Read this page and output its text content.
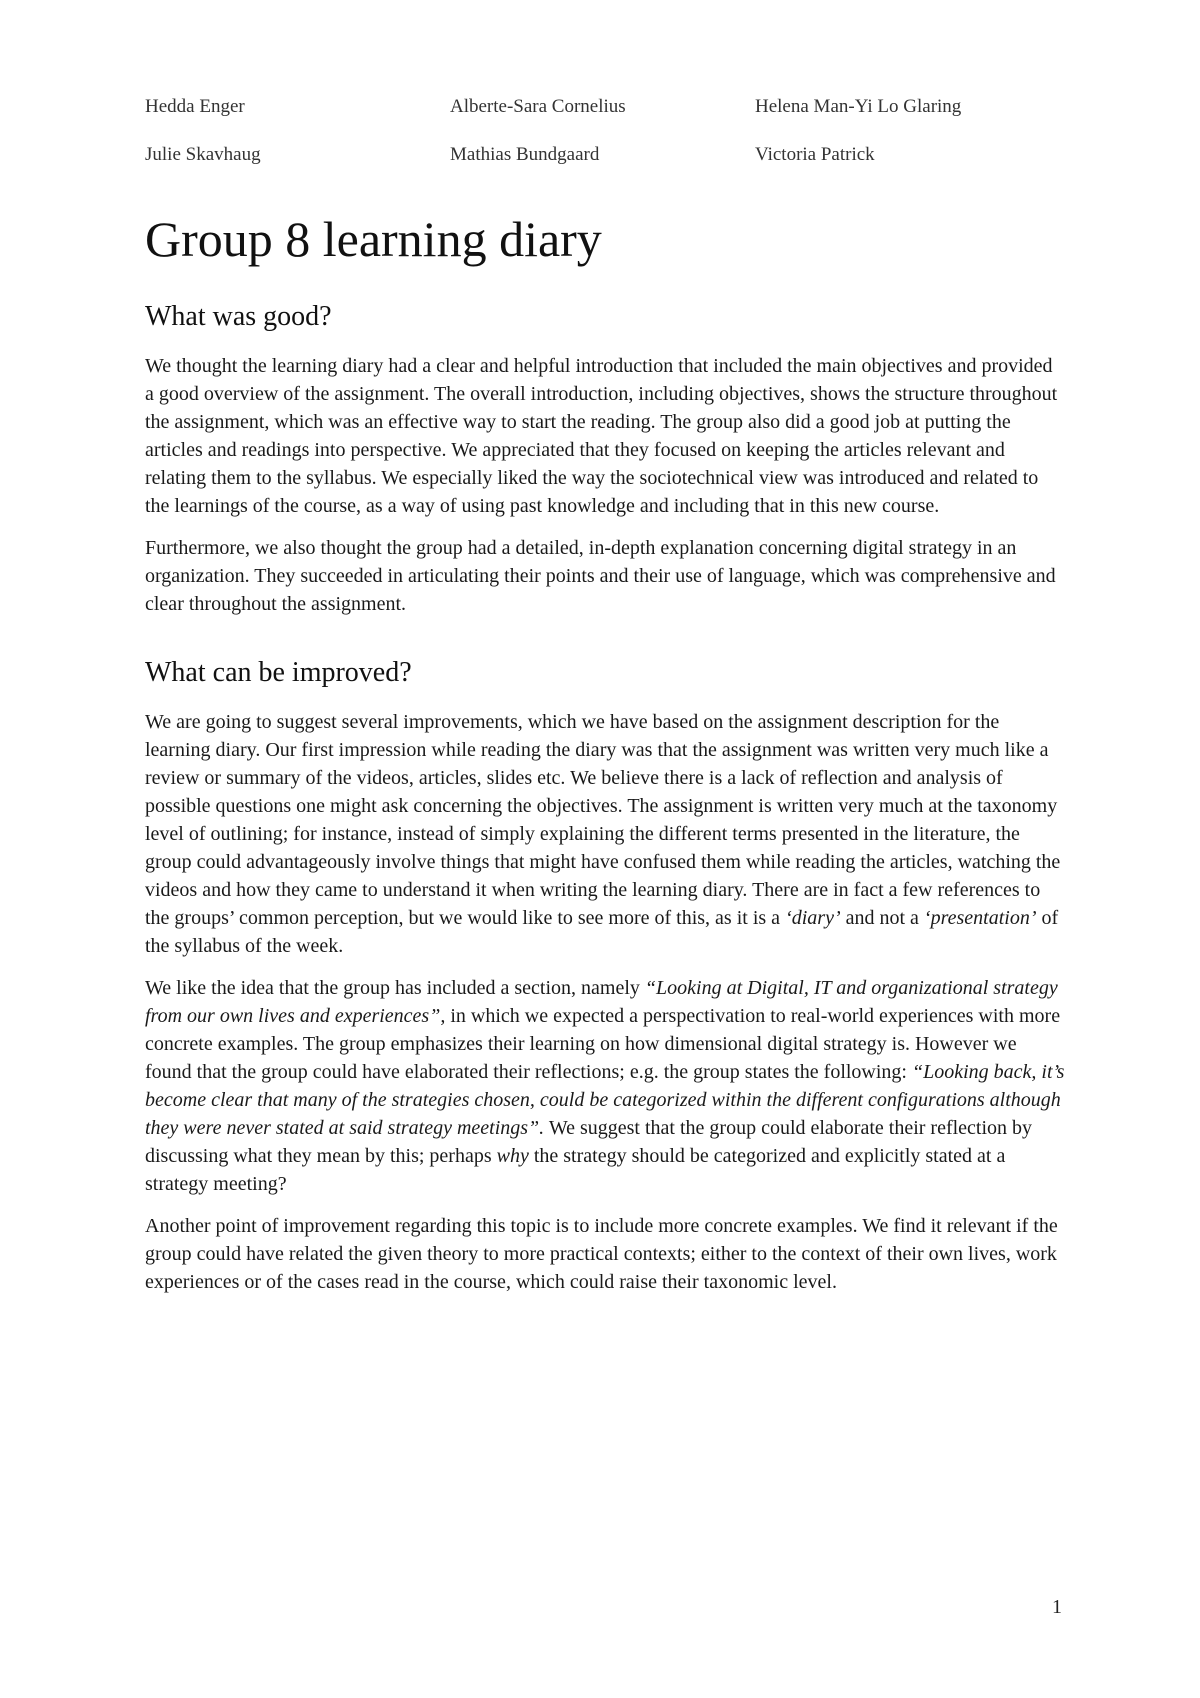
Hedda Enger	Alberte-Sara Cornelius	Helena Man-Yi Lo Glaring
Julie Skavhaug	Mathias Bundgaard	Victoria Patrick
Group 8 learning diary
What was good?

We thought the learning diary had a clear and helpful introduction that included the main objectives and provided a good overview of the assignment. The overall introduction, including objectives, shows the structure throughout the assignment, which was an effective way to start the reading. The group also did a good job at putting the articles and readings into perspective. We appreciated that they focused on keeping the articles relevant and relating them to the syllabus. We especially liked the way the sociotechnical view was introduced and related to the learnings of the course, as a way of using past knowledge and including that in this new course.

Furthermore, we also thought the group had a detailed, in-depth explanation concerning digital strategy in an organization. They succeeded in articulating their points and their use of language, which was comprehensive and clear throughout the assignment.

What can be improved?

We are going to suggest several improvements, which we have based on the assignment description for the learning diary. Our first impression while reading the diary was that the assignment was written very much like a review or summary of the videos, articles, slides etc. We believe there is a lack of reflection and analysis of possible questions one might ask concerning the objectives. The assignment is written very much at the taxonomy level of outlining; for instance, instead of simply explaining the different terms presented in the literature, the group could advantageously involve things that might have confused them while reading the articles, watching the videos and how they came to understand it when writing the learning diary. There are in fact a few references to the groups’ common perception, but we would like to see more of this, as it is a ‘diary’ and not a ‘presentation’ of the syllabus of the week.

We like the idea that the group has included a section, namely “Looking at Digital, IT and organizational strategy from our own lives and experiences”, in which we expected a perspectivation to real-world experiences with more concrete examples. The group emphasizes their learning on how dimensional digital strategy is. However we found that the group could have elaborated their reflections; e.g. the group states the following: “Looking back, it’s become clear that many of the strategies chosen, could be categorized within the different configurations although they were never stated at said strategy meetings”. We suggest that the group could elaborate their reflection by discussing what they mean by this; perhaps why the strategy should be categorized and explicitly stated at a strategy meeting?

Another point of improvement regarding this topic is to include more concrete examples. We find it relevant if the group could have related the given theory to more practical contexts; either to the context of their own lives, work experiences or of the cases read in the course, which could raise their taxonomic level.

1
